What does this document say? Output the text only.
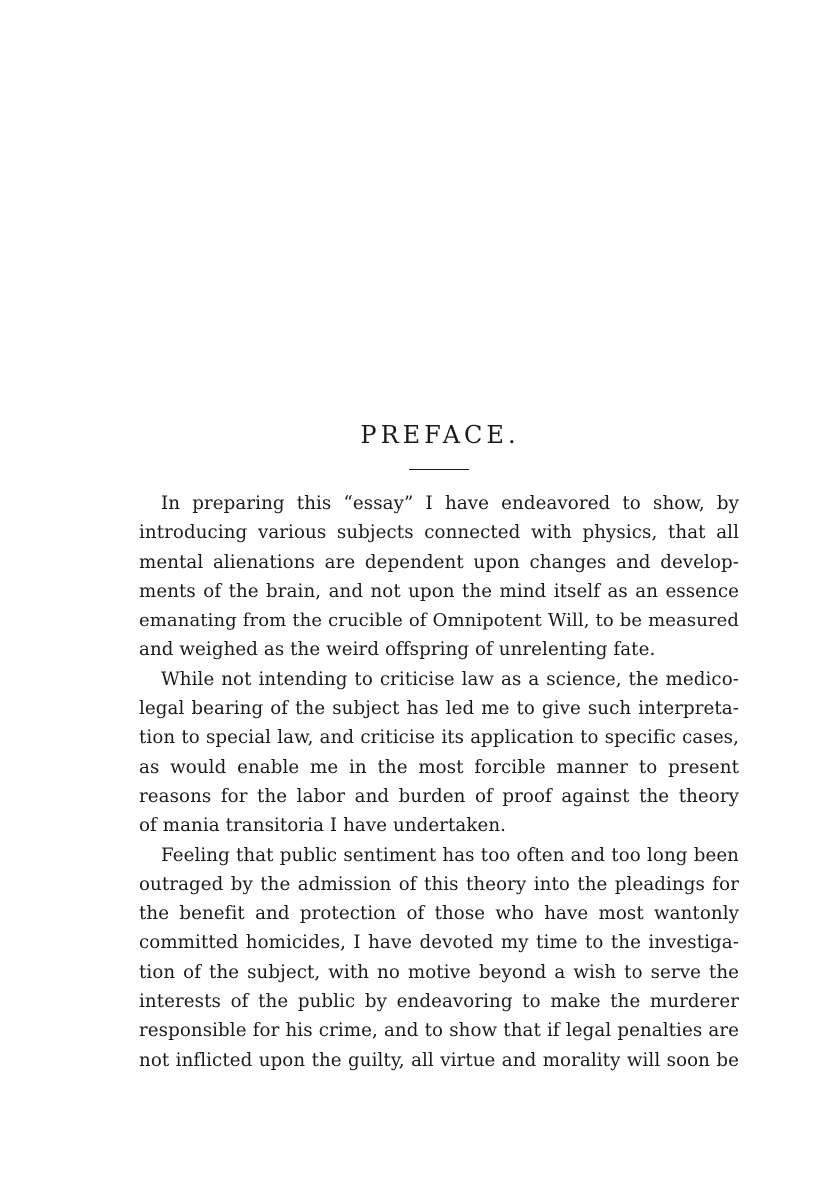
PREFACE.
In preparing this “essay” I have endeavored to show, by
introducing various subjects connected with physics, that all
mental alienations are dependent upon changes and develop-
ments of the brain, and not upon the mind itself as an essence
emanating from the crucible of Omnipotent Will, to be measured
and weighed as the weird offspring of unrelenting fate.
While not intending to criticise law as a science, the medico-
legal bearing of the subject has led me to give such interpreta-
tion to special law, and criticise its application to specific cases,
as would enable me in the most forcible manner to present
reasons for the labor and burden of proof against the theory
of mania transitoria I have undertaken.
Feeling that public sentiment has too often and too long been
outraged by the admission of this theory into the pleadings for
the benefit and protection of those who have most wantonly
committed homicides, I have devoted my time to the investiga-
tion of the subject, with no motive beyond a wish to serve the
interests of the public by endeavoring to make the murderer
responsible for his crime, and to show that if legal penalties are
not inflicted upon the guilty, all virtue and morality will soon be
